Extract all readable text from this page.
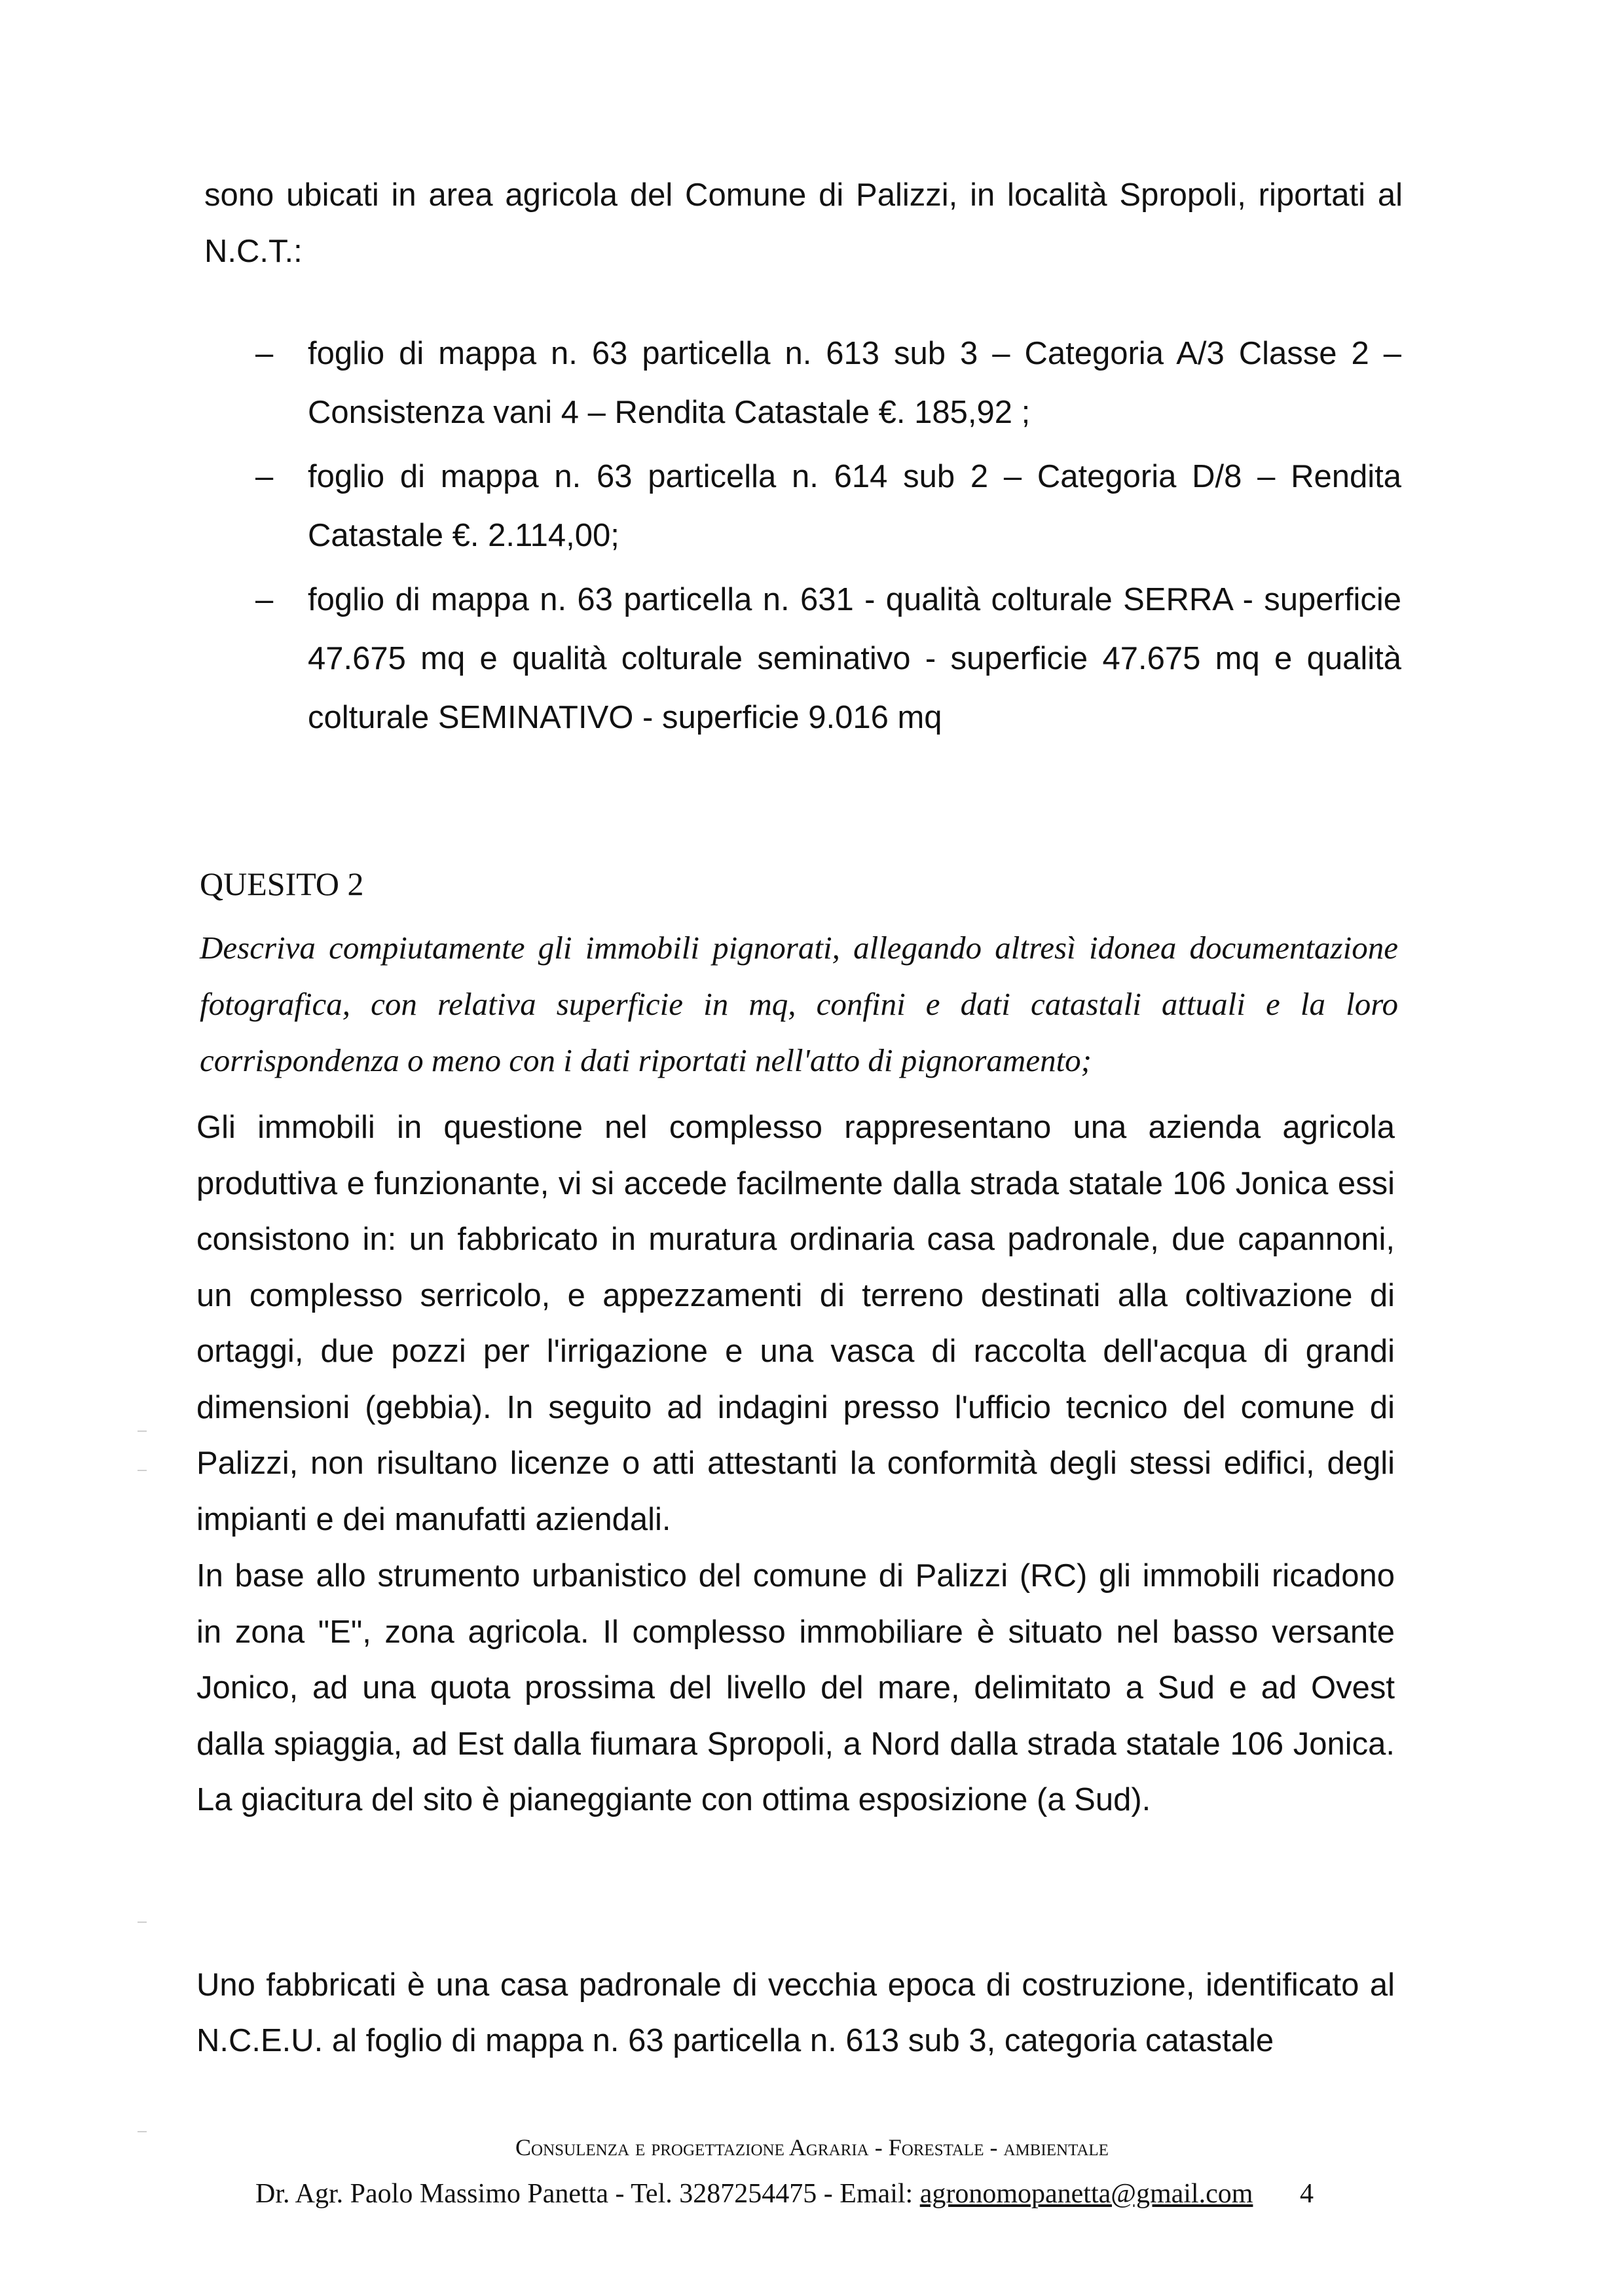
sono ubicati in area agricola del Comune di Palizzi, in località Spropoli, riportati al N.C.T.:

– foglio di mappa n. 63 particella n. 613 sub 3 – Categoria A/3 Classe 2 – Consistenza vani 4 – Rendita Catastale €. 185,92 ;
– foglio di mappa n. 63 particella n. 614 sub 2 – Categoria D/8 – Rendita Catastale €. 2.114,00;
– foglio di mappa n. 63 particella n. 631 - qualità colturale SERRA - superficie 47.675 mq e qualità colturale seminativo - superficie 47.675 mq e qualità colturale SEMINATIVO - superficie 9.016 mq
QUESITO 2

Descriva compiutamente gli immobili pignorati, allegando altresì idonea documentazione fotografica, con relativa superficie in mq, confini e dati catastali attuali e la loro corrispondenza o meno con i dati riportati nell'atto di pignoramento;

Gli immobili in questione nel complesso rappresentano una azienda agricola produttiva e funzionante, vi si accede facilmente dalla strada statale 106 Jonica essi consistono in: un fabbricato in muratura ordinaria casa padronale, due capannoni, un complesso serricolo, e appezzamenti di terreno destinati alla coltivazione di ortaggi, due pozzi per l'irrigazione e una vasca di raccolta dell'acqua di grandi dimensioni (gebbia). In seguito ad indagini presso l'ufficio tecnico del comune di Palizzi, non risultano licenze o atti attestanti la conformità degli stessi edifici, degli impianti e dei manufatti aziendali.

In base allo strumento urbanistico del comune di Palizzi (RC) gli immobili ricadono in zona "E", zona agricola. Il complesso immobiliare è situato nel basso versante Jonico, ad una quota prossima del livello del mare, delimitato a Sud e ad Ovest dalla spiaggia, ad Est dalla fiumara Spropoli, a Nord dalla strada statale 106 Jonica. La giacitura del sito è pianeggiante con ottima esposizione (a Sud).

Uno fabbricati è una casa padronale di vecchia epoca di costruzione, identificato al N.C.E.U. al foglio di mappa n. 63 particella n. 613 sub 3, categoria catastale

Consulenza e progettazione Agraria - Forestale - ambientale
Dr. Agr. Paolo Massimo Panetta - Tel. 3287254475 - Email: agronomopanetta@gmail.com 4
